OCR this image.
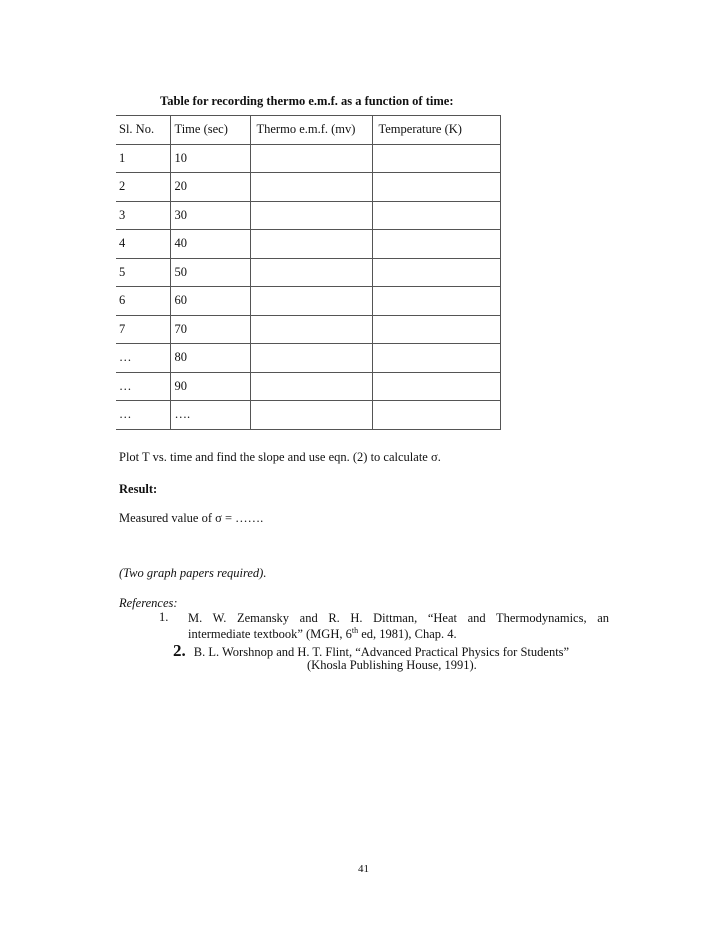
Table for recording thermo e.m.f. as a function of time:
Sl. No.	Time (sec)	Thermo e.m.f. (mv)	Temperature (K)
1	10		
2	20		
3	30		
4	40		
5	50		
6	60		
7	70		
…	80		
…	90		
…	….		
Plot T vs. time and find the slope and use eqn. (2) to calculate σ.
Result:
Measured value of σ = …….
(Two graph papers required).
References:
1. M. W. Zemansky and R. H. Dittman, “Heat and Thermodynamics, an
intermediate textbook” (MGH, 6th ed, 1981), Chap. 4.
2. B. L. Worshnop and H. T. Flint, “Advanced Practical Physics for Students”
(Khosla Publishing House, 1991).
41
